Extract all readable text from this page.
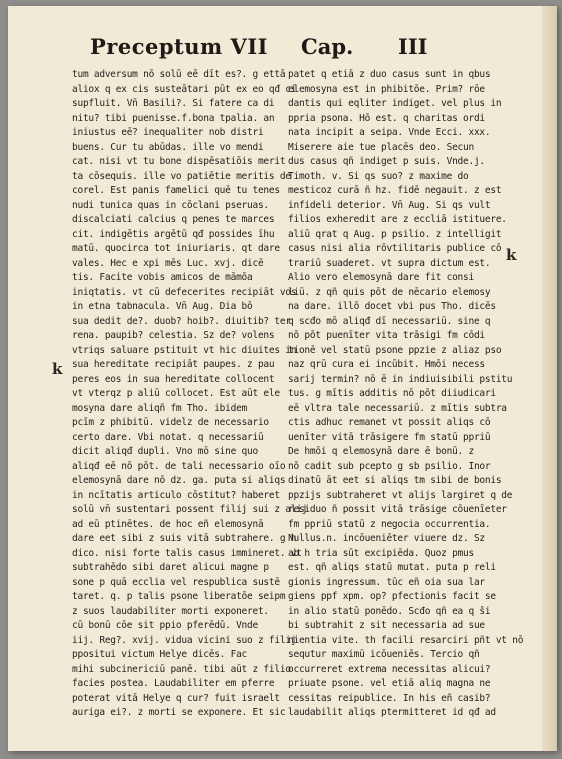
Preceptum VII Cap. III
tum adversum nō solū eē dīt es?. g ettā
aliox q ex cis susteātari pūt ex eo qđ ci
supfluit. Vn̄ Basili?. Si fatere ca di
nitu? tibi puenisse.f.bona tpalia. an
iniustus eē? inequaliter nob distri
buens. Cur tu abūdas. ille vo mendi
cat. nisi vt tu bone dispēsatiōis merit
ta cōsequis. ille vo patiētie meritis de
corel. Est panis famelici quē tu tenes
nudi tunica quas in cōclani pseruas.
discalciati calcius q penes te marces
cit. indigētis argētū qđ possides īhu
matū. quocirca tot iniuriaris. qt dare
vales. Hec e xpi mēs Luc. xvj. dicē
tis. Facite vobis amicos de māmōa
iniqtatis. vt cū defecerites recipiāt vos
in etna tabnacula. Vn̄ Aug. Dia bō
sua dedit de?. duob? hoib?. diuitib? ter
rena. paupib? celestia. Sz de? volens
vtriqs saluare pstituit vt hic diuites in
sua hereditate recipiāt paupes. z pau
peres eos in sua hereditate collocent
vt vterqz p aliū collocet. Est aūt ele
mosyna dare aliqñ fm Tho. ibidem
pcīm z phibitū. videlz de necessario
certo dare. Vbi notat. q necessariū
dicit aliqđ dupli. Vno mō sine quo
aliqđ eē nō pōt. de tali necessario oīo
elemosynā dare nō dz. ga. puta si aliqs
in ncītatis articulo cōstitut? haberet
solū vn̄ sustentari possent filij sui z alij
ad eū ptinētes. de hoc eñ elemosynā
dare eet sibi z suis vitā subtrahere. g h
dico. nisi forte talis casus immineret. vt
subtrahēdo sibi daret alicui magne p
sone p quā ecclia vel respublica sustē
taret. q. p talis psone liberatōe seipm
z suos laudabiliter morti exponeret.
cū bonū cōe sit ppio pferēdū. Vnde
iij. Reg?. xvij. vidua vicini suo z filij
ppositui victum Helye dicēs. Fac
mihi subcinericiū panē. tibi aūt z filio
facies postea. Laudabiliter em pferre
poterat vitā Helye q cur? fuit israelt
auriga ei?. z morti se exponere. Et sic
patet q etiā z duo casus sunt in qbus
elemosyna est in phibitōe. Prim? rōe
dantis qui eqliter indiget. vel plus in
ppria psona. Hō est. q charitas ordi
nata incipit a seipa. Vnde Ecci. xxx.
Miserere aie tue placēs deo. Secun
dus casus qñ indiget p suis. Vnde.j.
Timoth. v. Si qs suo? z maxime do
mesticoz curā ñ hz. fidē negauit. z est
infideli deterior. Vn̄ Aug. Si qs vult
filios exheredit are z eccliā istituere.
aliū qrat q Aug. p psilio. z intelligit
casus nisi alia rōvtilitaris publice cō
trariū suaderet. vt supra dictum est.
Alio vero elemosynā dare fit consi
liū. z qñ quis pōt de nēcario elemosy
na dare. illō docet vbi pus Tho. dicēs
q scđo mō aliqđ dī necessariū. sine q
nō pōt puenīter vita trāsigi fm cōdi
tionē vel statū psone ppzie z aliaz pso
naz qrū cura ei incūbit. Hmōi necess
sarij termin? nō ē in indiuisibili pstitu
tus. g mītis additis nō pōt diiudicari
eē vltra tale necessariū. z mītis subtra
ctis adhuc remanet vt possit aliqs cō
uenīter vitā trāsigere fm statū ppriū
De hmōi q elemosynā dare ē bonū. z
nō cadit sub pcepto g sb psilio. Inor
dinatū āt eet si aliqs tm sibi de bonis
ppzijs subtraheret vt alijs largiret q de
residuo ñ possit vitā trāsige cōuenīeter
fm ppriū statū z negocia occurrentia.
Nullus.n. incōueniēter viuere dz. Sz
ab h tria sūt excipiēda. Quoz pmus
est. qñ aliqs statū mutat. puta p reli
gionis ingressum. tūc eñ oia sua lar
giens ppf xpm. op? pfectionis facit se
in alio statū ponēdo. Scđo qñ ea q ŝi
bi subtrahit z sit necessaria ad sue
nientia vite. th facili resarciri pñt vt nō
sequtur maximū icōueniēs. Tercio qñ
occurreret extrema necessitas alicui?
priuate psone. vel etiā aliq magna ne
cessitas reipublice. In his eñ casib?
laudabilit aliqs ptermitteret id qđ ad
k
k
